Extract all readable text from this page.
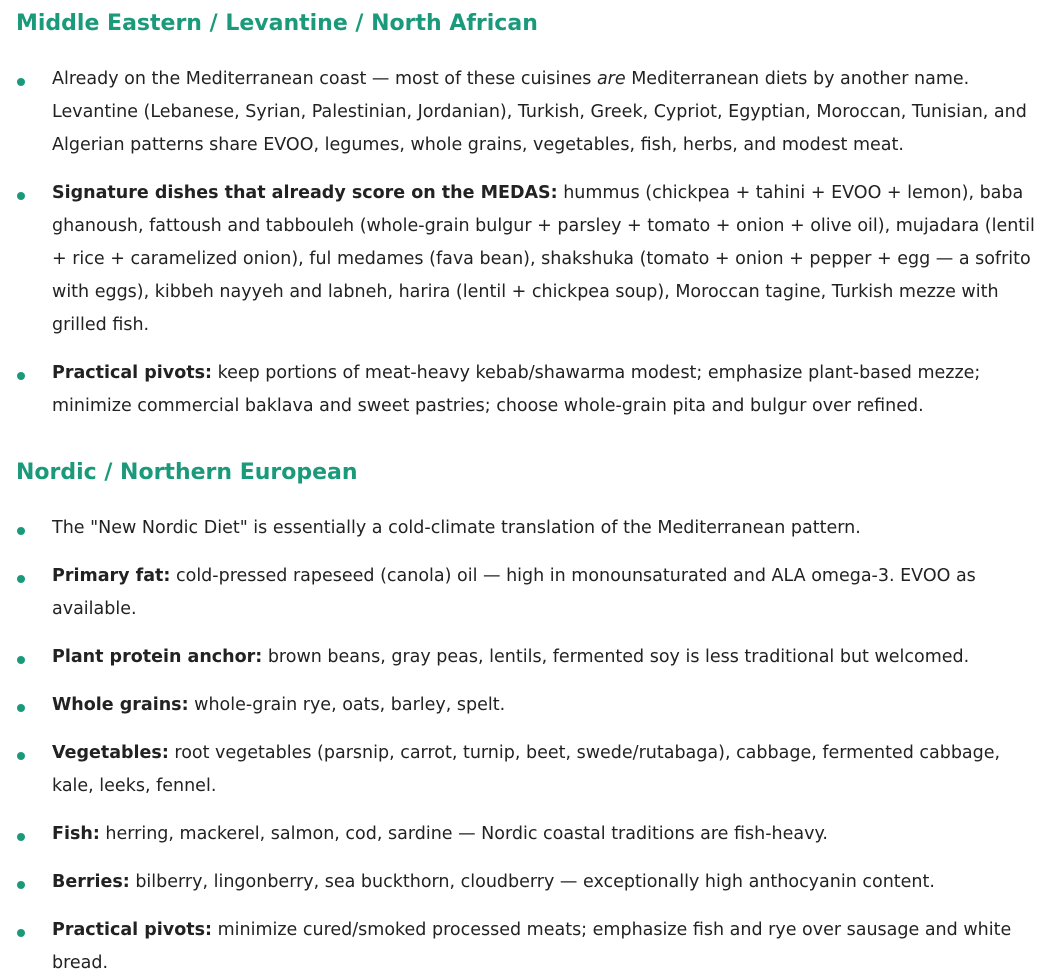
Middle Eastern / Levantine / North African
Already on the Mediterranean coast — most of these cuisines are Mediterranean diets by another name. Levantine (Lebanese, Syrian, Palestinian, Jordanian), Turkish, Greek, Cypriot, Egyptian, Moroccan, Tunisian, and Algerian patterns share EVOO, legumes, whole grains, vegetables, fish, herbs, and modest meat.
Signature dishes that already score on the MEDAS: hummus (chickpea + tahini + EVOO + lemon), baba ghanoush, fattoush and tabbouleh (whole-grain bulgur + parsley + tomato + onion + olive oil), mujadara (lentil + rice + caramelized onion), ful medames (fava bean), shakshuka (tomato + onion + pepper + egg — a sofrito with eggs), kibbeh nayyeh and labneh, harira (lentil + chickpea soup), Moroccan tagine, Turkish mezze with grilled fish.
Practical pivots: keep portions of meat-heavy kebab/shawarma modest; emphasize plant-based mezze; minimize commercial baklava and sweet pastries; choose whole-grain pita and bulgur over refined.
Nordic / Northern European
The "New Nordic Diet" is essentially a cold-climate translation of the Mediterranean pattern.
Primary fat: cold-pressed rapeseed (canola) oil — high in monounsaturated and ALA omega-3. EVOO as available.
Plant protein anchor: brown beans, gray peas, lentils, fermented soy is less traditional but welcomed.
Whole grains: whole-grain rye, oats, barley, spelt.
Vegetables: root vegetables (parsnip, carrot, turnip, beet, swede/rutabaga), cabbage, fermented cabbage, kale, leeks, fennel.
Fish: herring, mackerel, salmon, cod, sardine — Nordic coastal traditions are fish-heavy.
Berries: bilberry, lingonberry, sea buckthorn, cloudberry — exceptionally high anthocyanin content.
Practical pivots: minimize cured/smoked processed meats; emphasize fish and rye over sausage and white bread.
